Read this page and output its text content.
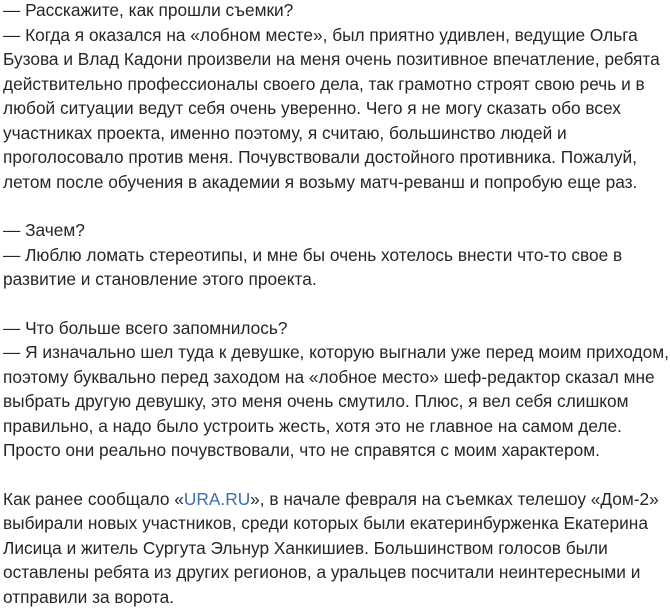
— Расскажите, как прошли съемки?
— Когда я оказался на «лобном месте», был приятно удивлен, ведущие Ольга
Бузова и Влад Кадони произвели на меня очень позитивное впечатление, ребята
действительно профессионалы своего дела, так грамотно строят свою речь и в
любой ситуации ведут себя очень уверенно. Чего я не могу сказать обо всех
участниках проекта, именно поэтому, я считаю, большинство людей и
проголосовало против меня. Почувствовали достойного противника. Пожалуй,
летом после обучения в академии я возьму матч-реванш и попробую еще раз.
— Зачем?
— Люблю ломать стереотипы, и мне бы очень хотелось внести что-то свое в
развитие и становление этого проекта.
— Что больше всего запомнилось?
— Я изначально шел туда к девушке, которую выгнали уже перед моим приходом,
поэтому буквально перед заходом на «лобное место» шеф-редактор сказал мне
выбрать другую девушку, это меня очень смутило. Плюс, я вел себя слишком
правильно, а надо было устроить жесть, хотя это не главное на самом деле.
Просто они реально почувствовали, что не справятся с моим характером.
Как ранее сообщало «URA.RU», в начале февраля на съемках телешоу «Дом-2»
выбирали новых участников, среди которых были екатеринбурженка Екатерина
Лисица и житель Сургута Эльнур Ханкишиев. Большинством голосов были
оставлены ребята из других регионов, а уральцев посчитали неинтересными и
отправили за ворота.
